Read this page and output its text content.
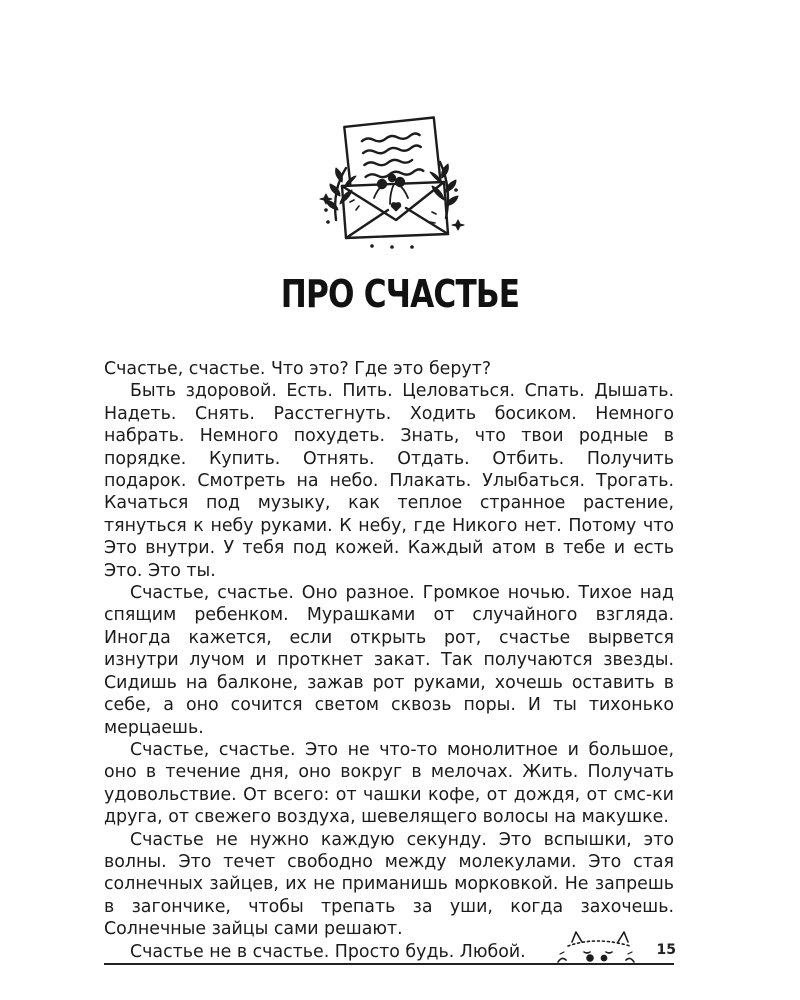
ПРО СЧАСТЬЕ

Счастье, счастье. Что это? Где это берут?

Быть здоровой. Есть. Пить. Целоваться. Спать. Дышать. Надеть. Снять. Расстегнуть. Ходить босиком. Немного набрать. Немного похудеть. Знать, что твои родные в порядке. Купить. Отнять. Отдать. Отбить. Получить подарок. Смотреть на небо. Плакать. Улыбаться. Трогать. Качаться под музыку, как теплое странное растение, тянуться к небу руками. К небу, где Никого нет. Потому что Это внутри. У тебя под кожей. Каждый атом в тебе и есть Это. Это ты.

Счастье, счастье. Оно разное. Громкое ночью. Тихое над спящим ребенком. Мурашками от случайного взгляда. Иногда кажется, если открыть рот, счастье вырвется изнутри лучом и проткнет закат. Так получаются звезды. Сидишь на балконе, зажав рот руками, хочешь оставить в себе, а оно сочится светом сквозь поры. И ты тихонько мерцаешь.

Счастье, счастье. Это не что-то монолитное и большое, оно в течение дня, оно вокруг в мелочах. Жить. Получать удовольствие. От всего: от чашки кофе, от дождя, от смс-ки друга, от свежего воздуха, шевелящего волосы на макушке.

Счастье не нужно каждую секунду. Это вспышки, это волны. Это течет свободно между молекулами. Это стая солнечных зайцев, их не приманишь морковкой. Не запрешь в загончике, чтобы трепать за уши, когда захочешь. Солнечные зайцы сами решают.

Счастье не в счастье. Просто будь. Любой.	15
